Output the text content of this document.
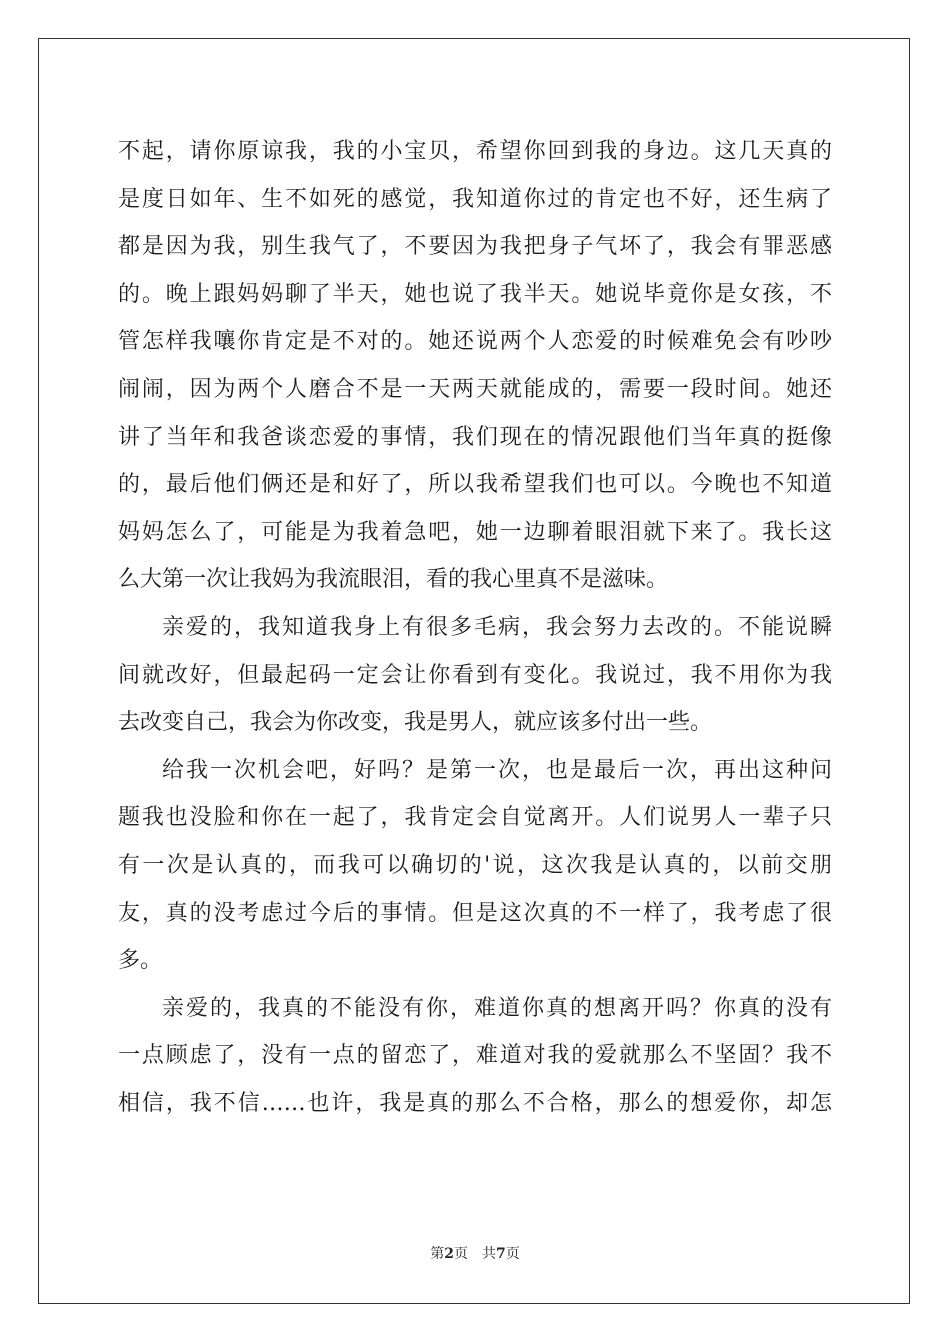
不起，请你原谅我，我的小宝贝，希望你回到我的身边。这几天真的
是度日如年、生不如死的感觉，我知道你过的肯定也不好，还生病了
都是因为我，别生我气了，不要因为我把身子气坏了，我会有罪恶感
的。晚上跟妈妈聊了半天，她也说了我半天。她说毕竟你是女孩，不
管怎样我嚷你肯定是不对的。她还说两个人恋爱的时候难免会有吵吵
闹闹，因为两个人磨合不是一天两天就能成的，需要一段时间。她还
讲了当年和我爸谈恋爱的事情，我们现在的情况跟他们当年真的挺像
的，最后他们俩还是和好了，所以我希望我们也可以。今晚也不知道
妈妈怎么了，可能是为我着急吧，她一边聊着眼泪就下来了。我长这
么大第一次让我妈为我流眼泪，看的我心里真不是滋味。
亲爱的，我知道我身上有很多毛病，我会努力去改的。不能说瞬
间就改好，但最起码一定会让你看到有变化。我说过，我不用你为我
去改变自己，我会为你改变，我是男人，就应该多付出一些。
给我一次机会吧，好吗？是第一次，也是最后一次，再出这种问
题我也没脸和你在一起了，我肯定会自觉离开。人们说男人一辈子只
有一次是认真的，而我可以确切的'说，这次我是认真的，以前交朋
友，真的没考虑过今后的事情。但是这次真的不一样了，我考虑了很
多。
亲爱的，我真的不能没有你，难道你真的想离开吗？你真的没有
一点顾虑了，没有一点的留恋了，难道对我的爱就那么不坚固？我不
相信，我不信……也许，我是真的那么不合格，那么的想爱你，却怎
第2页 共7页
